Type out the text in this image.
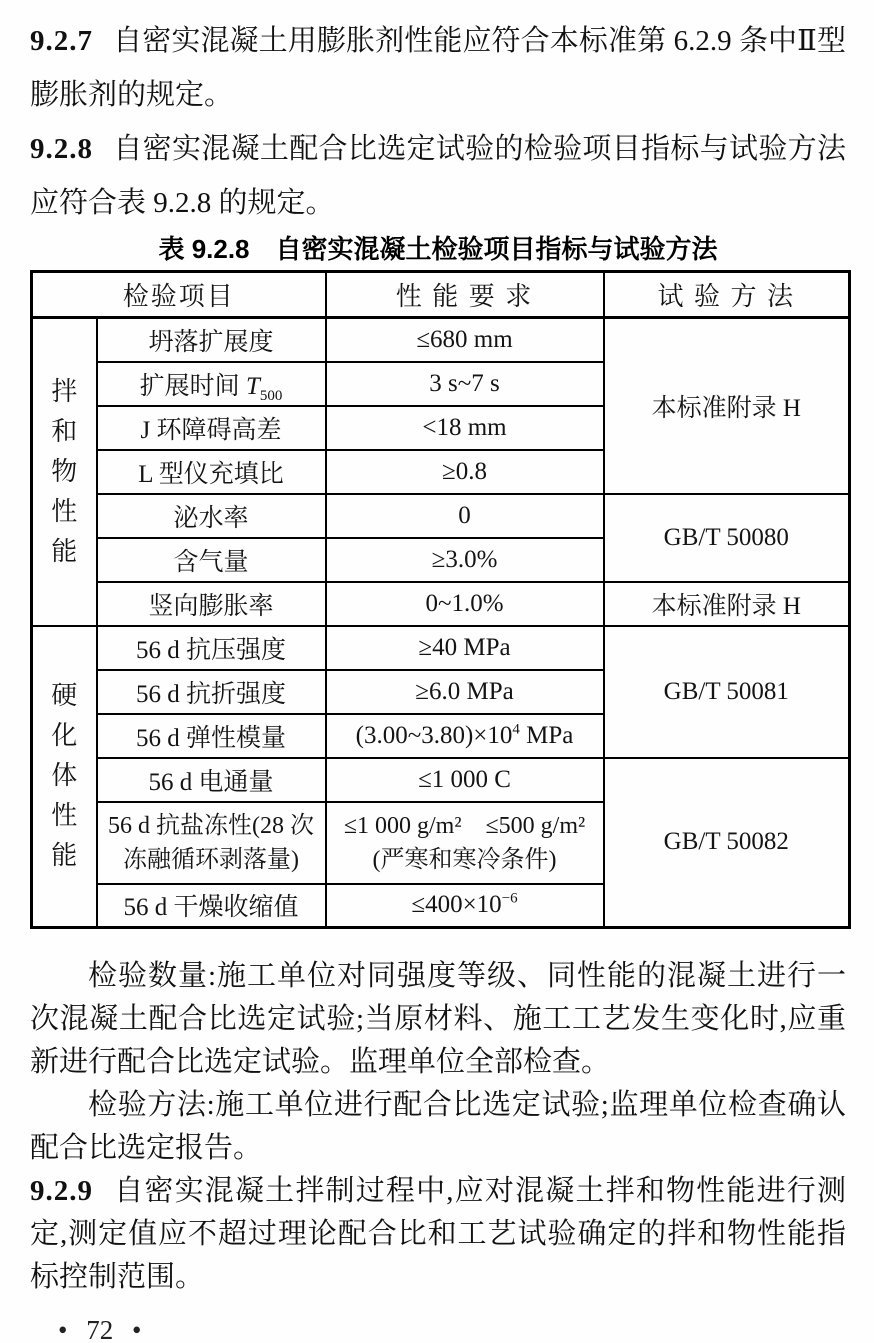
9.2.7 自密实混凝土用膨胀剂性能应符合本标准第 6.2.9 条中Ⅱ型膨胀剂的规定。

9.2.8 自密实混凝土配合比选定试验的检验项目指标与试验方法应符合表 9.2.8 的规定。

表 9.2.8　自密实混凝土检验项目指标与试验方法
检验项目		性 能 要 求	试 验 方 法

拌和物性能	坍落扩展度	≤680 mm	本标准附录 H
	扩展时间 $T_{500}$	3 s~7 s	
	J 环障碍高差	<18 mm	
	L 型仪充填比	≥0.8	
	泌水率	0	GB/T 50080
	含气量	≥3.0%	
	竖向膨胀率	0~1.0%	本标准附录 H

硬化体性能	56 d 抗压强度	≥40 MPa	GB/T 50081
	56 d 抗折强度	≥6.0 MPa	
	56 d 弹性模量	$(3.00\sim 3.80)\times 10^4$ MPa	
	56 d 电通量	≤1 000 C	GB/T 50082

	56 d 抗盐冻性(28 次
冻融循环剥落量)	≤1 000 g/m²　≤500 g/m²
(严寒和寒冷条件)	

	56 d 干燥收缩值	$\le 400\times 10^{-6}$

检验数量:施工单位对同强度等级、同性能的混凝土进行一次混凝土配合比选定试验;当原材料、施工工艺发生变化时,应重新进行配合比选定试验。监理单位全部检查。

检验方法:施工单位进行配合比选定试验;监理单位检查确认配合比选定报告。

9.2.9 自密实混凝土拌制过程中,应对混凝土拌和物性能进行测定,测定值应不超过理论配合比和工艺试验确定的拌和物性能指标控制范围。

• 72 •
